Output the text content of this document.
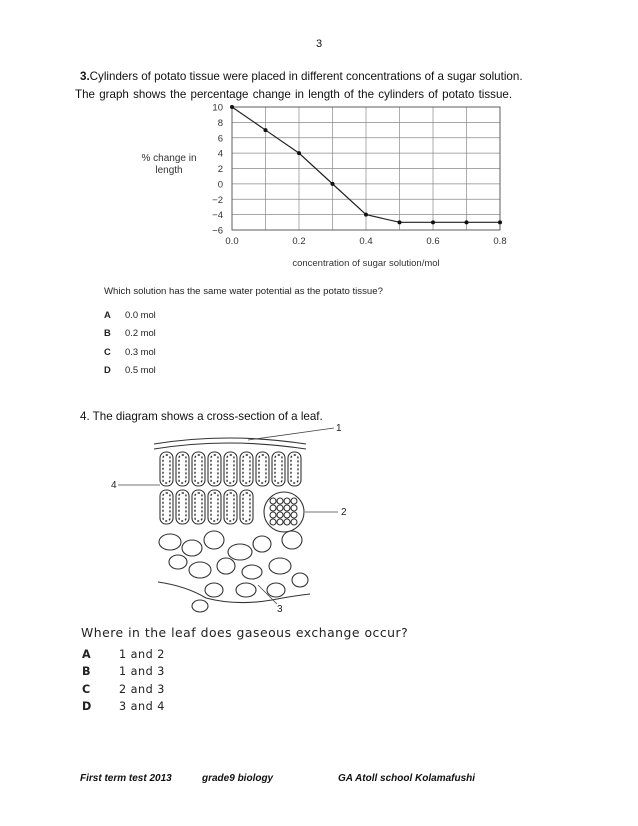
3
3.Cylinders of potato tissue were placed in different concentrations of a sugar solution.
The graph shows the percentage change in length of the cylinders of potato tissue.
10
8
6
4
2
0
−2
−4
−6
0.0	0.2	0.4	0.6	0.8
concentration of sugar solution/mol
% change in length
Which solution has the same water potential as the potato tissue?
A 0.0 mol
B 0.2 mol
C 0.3 mol
D 0.5 mol
4. The diagram shows a cross-section of a leaf.
1
2
3
4
Where in the leaf does gaseous exchange occur?
A 1 and 2
B 1 and 3
C	2 and 3
D 3 and 4
First term test 2013	grade9 biology	GA Atoll school Kolamafushi
